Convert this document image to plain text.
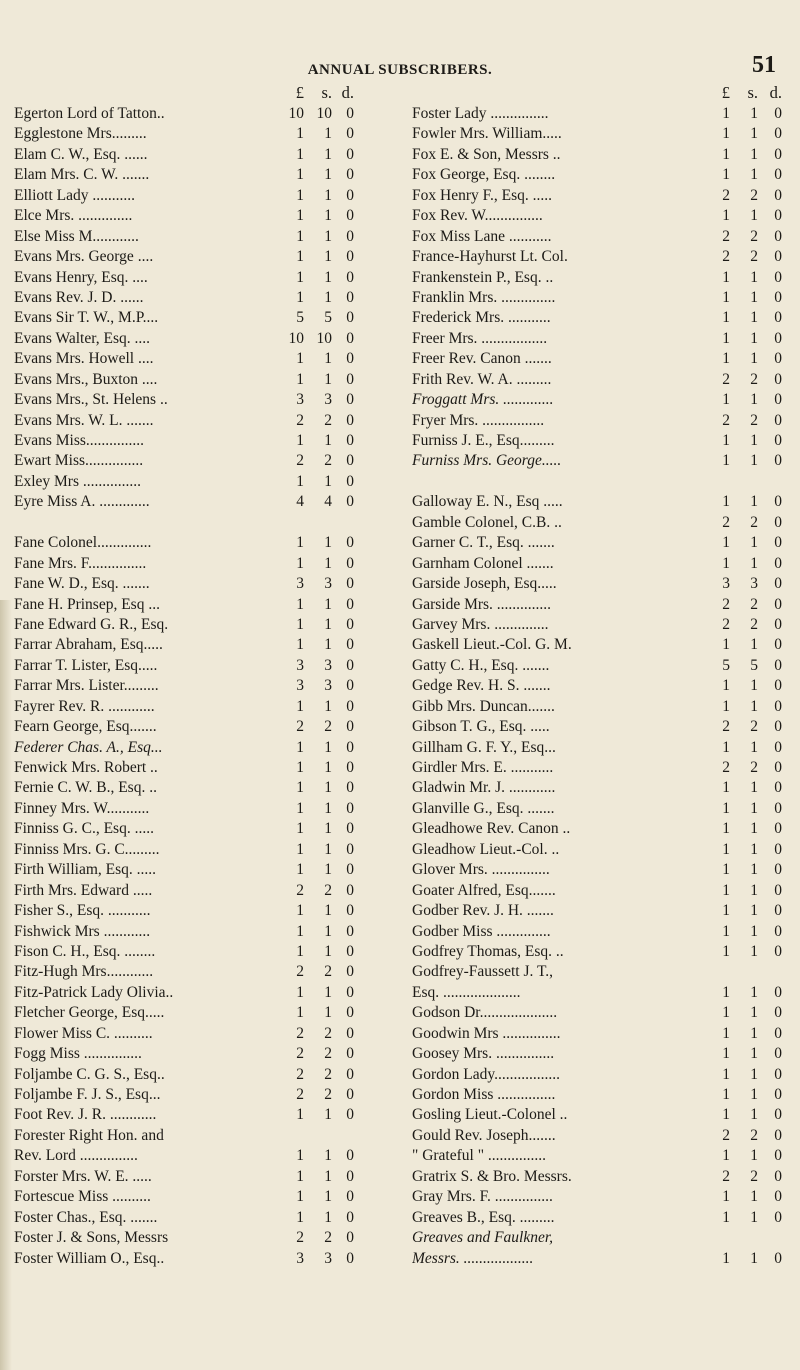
ANNUAL SUBSCRIBERS.	51
£	s. d.
Egerton Lord of Tatton..	10 10 0
Egglestone Mrs.........	1	1 0
Elam C. W., Esq. ......	1	1 0
Elam Mrs. C. W. .......	1	1 0
Elliott Lady ...........	1	1 0
Elce Mrs. ..............	1	1 0
Else Miss M............	1	1 0
Evans Mrs. George ....	1	1 0
Evans Henry, Esq. ....	1	1 0
Evans Rev. J. D. ......	1	1 0
Evans Sir T. W., M.P....	5	5 0
Evans Walter, Esq. ....	10 10 0
Evans Mrs. Howell ....	1	1 0
Evans Mrs., Buxton ....	1	1 0
Evans Mrs., St. Helens ..	3	3 0
Evans Mrs. W. L. .......	2	2 0
Evans Miss...............	1	1 0
Ewart Miss...............	2	2 0
Exley Mrs ...............	1	1 0
Eyre Miss A. .............	4	4 0
Fane Colonel..............	1	1 0
Fane Mrs. F...............	1	1 0
Fane W. D., Esq. .......	3	3 0
Fane H. Prinsep, Esq ...	1	1 0
Fane Edward G. R., Esq.	1	1 0
Farrar Abraham, Esq.....	1	1 0
Farrar T. Lister, Esq.....	3	3 0
Farrar Mrs. Lister.........	3	3 0
Fayrer Rev. R. ............	1	1 0
Fearn George, Esq.......	2	2 0
Federer Chas. A., Esq...	1	1 0
Fenwick Mrs. Robert ..	1	1 0
Fernie C. W. B., Esq. ..	1	1 0
Finney Mrs. W...........	1	1 0
Finniss G. C., Esq. .....	1	1 0
Finniss Mrs. G. C.........	1	1 0
Firth William, Esq. .....	1	1 0
Firth Mrs. Edward .....	2	2 0
Fisher S., Esq. ...........	1	1 0
Fishwick Mrs ............	1	1 0
Fison C. H., Esq. ........	1	1 0
Fitz-Hugh Mrs............	2	2 0
Fitz-Patrick Lady Olivia..	1	1 0
Fletcher George, Esq.....	1	1 0
Flower Miss C. ..........	2	2 0
Fogg Miss ...............	2	2 0
Foljambe C. G. S., Esq..	2	2 0
Foljambe F. J. S., Esq...	2	2 0
Foot Rev. J. R. ............	1	1 0
Forester Right Hon. and
Rev. Lord ...............	1	1 0
Forster Mrs. W. E. .....	1	1 0
Fortescue Miss ..........	1	1 0
Foster Chas., Esq. .......	1	1 0
Foster J. & Sons, Messrs	2	2 0
Foster William O., Esq..	3	3 0
£	s. d.
Foster Lady ...............	1	1	0
Fowler Mrs. William.....	1	1	0
Fox E. & Son, Messrs ..	1	1	0
Fox George, Esq. ........	1	1	0
Fox Henry F., Esq. .....	2	2	0
Fox Rev. W...............	1	1	0
Fox Miss Lane ...........	2	2	0
France-Hayhurst Lt. Col.	2	2	0
Frankenstein P., Esq. ..	1	1	0
Franklin Mrs. ..............	1	1	0
Frederick Mrs. ...........	1	1	0
Freer Mrs. .................	1	1	0
Freer Rev. Canon .......	1	1	0
Frith Rev. W. A. .........	2	2	0
Froggatt Mrs. .............	1	1	0
Fryer Mrs. ................	2	2	0
Furniss J. E., Esq.........	1	1	0
Furniss Mrs. George.....	1	1	0
Galloway E. N., Esq .....	1	1	0
Gamble Colonel, C.B. ..	2	2	0
Garner C. T., Esq. .......	1	1	0
Garnham Colonel .......	1	1	0
Garside Joseph, Esq.....	3	3	0
Garside Mrs. ..............	2	2	0
Garvey Mrs. ..............	2	2	0
Gaskell Lieut.-Col. G. M.	1	1	0
Gatty C. H., Esq. .......	5	5	0
Gedge Rev. H. S. .......	1	1	0
Gibb Mrs. Duncan.......	1	1	0
Gibson T. G., Esq. .....	2	2	0
Gillham G. F. Y., Esq...	1	1	0
Girdler Mrs. E. ...........	2	2	0
Gladwin Mr. J. ............	1	1	0
Glanville G., Esq. .......	1	1	0
Gleadhowe Rev. Canon ..	1	1	0
Gleadhow Lieut.-Col. ..	1	1	0
Glover Mrs. ...............	1	1	0
Goater Alfred, Esq.......	1	1	0
Godber Rev. J. H. .......	1	1	0
Godber Miss ..............	1	1	0
Godfrey Thomas, Esq. ..	1	1	0
Godfrey-Faussett J. T.,
Esq. ....................	1	1	0
Godson Dr....................	1	1	0
Goodwin Mrs ...............	1	1	0
Goosey Mrs. ...............	1	1	0
Gordon Lady.................	1	1	0
Gordon Miss ...............	1	1	0
Gosling Lieut.-Colonel ..	1	1	0
Gould Rev. Joseph.......	2	2	0
" Grateful " ...............	1	1	0
Gratrix S. & Bro. Messrs.	2	2	0
Gray Mrs. F. ...............	1	1	0
Greaves B., Esq. .........	1	1	0
Greaves and Faulkner,
Messrs. ..................	1	1	0
